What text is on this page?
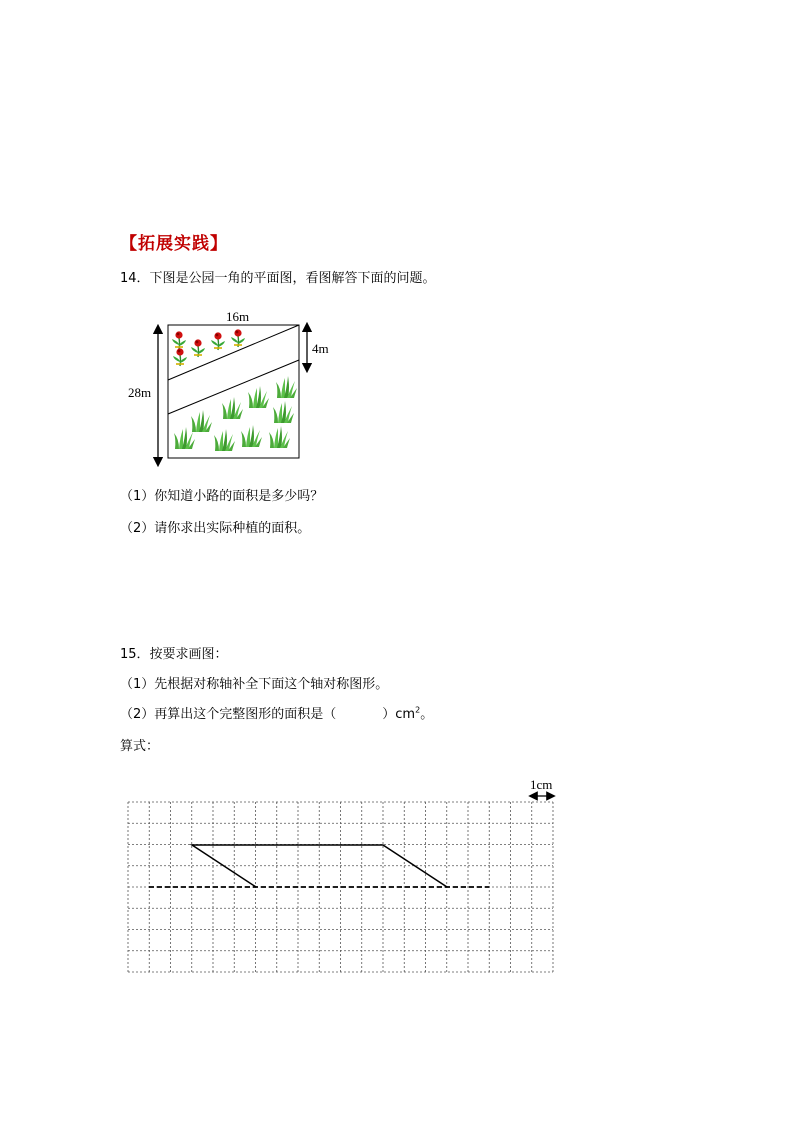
【拓展实践】
14．下图是公园一角的平面图，看图解答下面的问题。
16m
4m
28m
（1）你知道小路的面积是多少吗？
（2）请你求出实际种植的面积。
15．按要求画图：
（1）先根据对称轴补全下面这个轴对称图形。
（2）再算出这个完整图形的面积是（	）$cm^2$。
算式：
1cm
